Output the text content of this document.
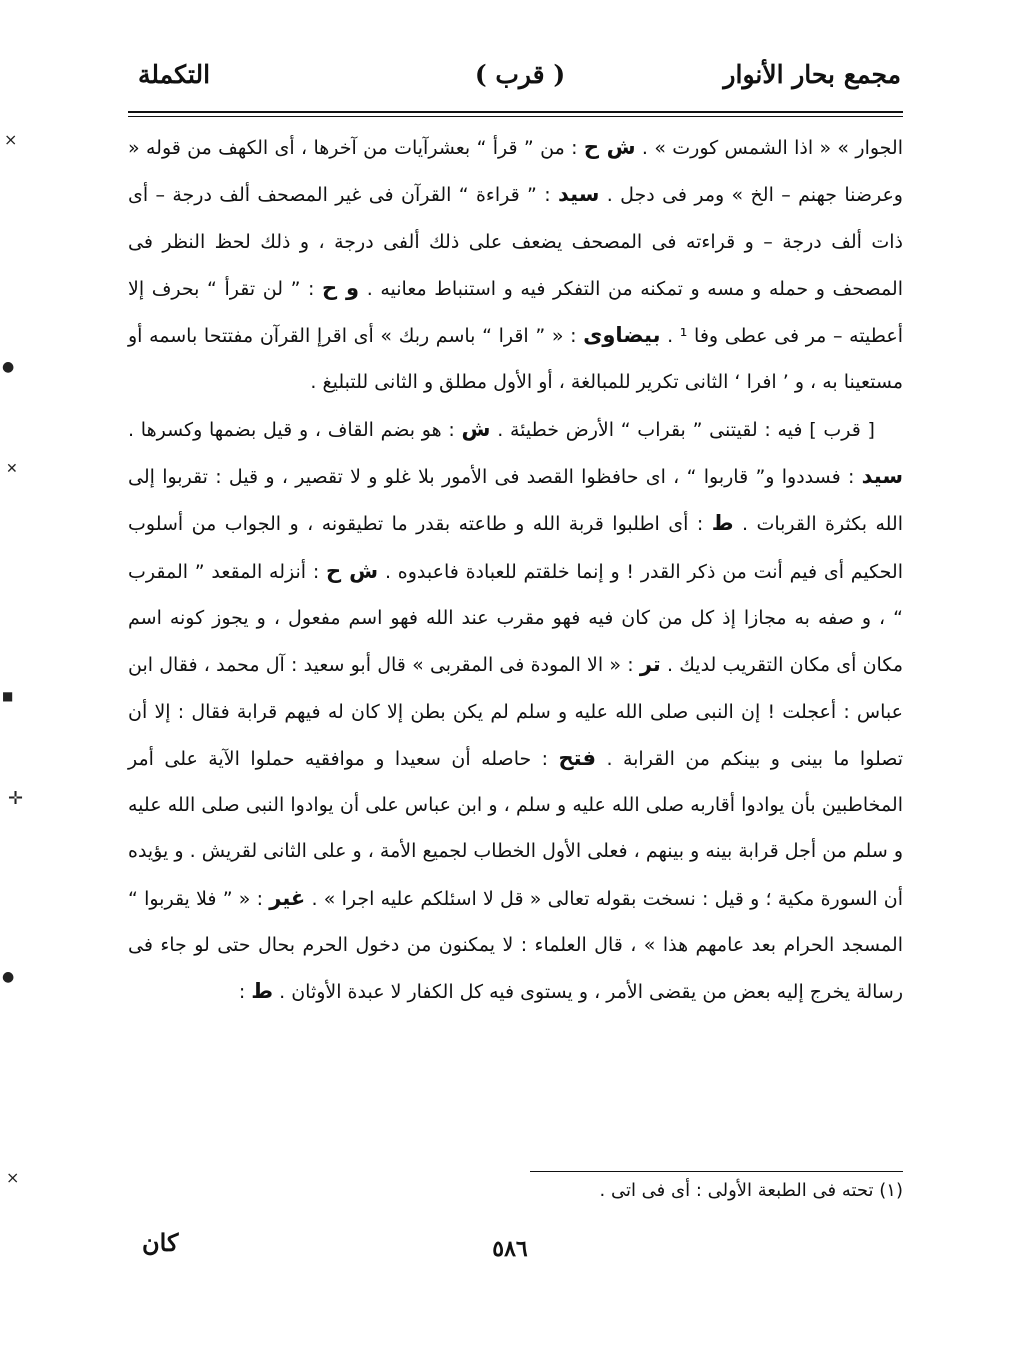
مجمع بحار الأنوار
( قرب )
التكملة

الجوار » « اذا الشمس كورت » . ش ح : من ” قرأ “ بعشرآيات من آخرها ، أى الكهف من قوله « وعرضنا جهنم – الخ » ومر فى دجل . سيد : ” قراءة “ القرآن فى غير المصحف ألف درجة – أى ذات ألف درجة – و قراءته فى المصحف يضعف على ذلك ألفى درجة ، و ذلك لحظ النظر فى المصحف و حمله و مسه و تمكنه من التفكر فيه و استنباط معانيه . و ح : ” لن تقرأ “ بحرف إلا أعطيته – مر فى عطى وفا ¹ . بيضاوى : « ” اقرا “ باسم ربك » أى اقرإ القرآن مفتتحا باسمه أو مستعينا به ، و ’ افرا ‘ الثانى تكرير للمبالغة ، أو الأول مطلق و الثانى للتبليغ .

[ قرب ] فيه : لقيتنى ” بقراب “ الأرض خطيئة . ش : هو بضم القاف ، و قيل بضمها وكسرها . سيد : فسددوا و” قاربوا “ ، اى حافظوا القصد فى الأمور بلا غلو و لا تقصير ، و قيل : تقربوا إلى الله بكثرة القربات . ط : أى اطلبوا قربة الله و طاعته بقدر ما تطيقونه ، و الجواب من أسلوب الحكيم أى فيم أنت من ذكر القدر ! و إنما خلقتم للعبادة فاعبدوه . ش ح : أنزله المقعد ” المقرب “ ، و صفه به مجازا إذ كل من كان فيه فهو مقرب عند الله فهو اسم مفعول ، و يجوز كونه اسم مكان أى مكان التقريب لديك . تر : « الا المودة فى المقربى » قال أبو سعيد : آل محمد ، فقال ابن عباس : أعجلت ! إن النبى صلى الله عليه و سلم لم يكن بطن إلا كان له فيهم قرابة فقال : إلا أن تصلوا ما بينى و بينكم من القرابة . فتح : حاصله أن سعيدا و موافقيه حملوا الآية على أمر المخاطبين بأن يوادوا أقاربه صلى الله عليه و سلم ، و ابن عباس على أن يوادوا النبى صلى الله عليه و سلم من أجل قرابة بينه و بينهم ، فعلى الأول الخطاب لجميع الأمة ، و على الثانى لقريش . و يؤيده أن السورة مكية ؛ و قيل : نسخت بقوله تعالى « قل لا اسئلكم عليه اجرا » . غير : « ” فلا يقربوا “ المسجد الحرام بعد عامهم هذا » ، قال العلماء : لا يمكنون من دخول الحرم بحال حتى لو جاء فى رسالة يخرج إليه بعض من يقضى الأمر ، و يستوى فيه كل الكفار لا عبدة الأوثان . ط :

(١) تحته فى الطبعة الأولى : أى فى اتى .
كان	٥٨٦
⨯
●
✕
■
✛
●
⨯
